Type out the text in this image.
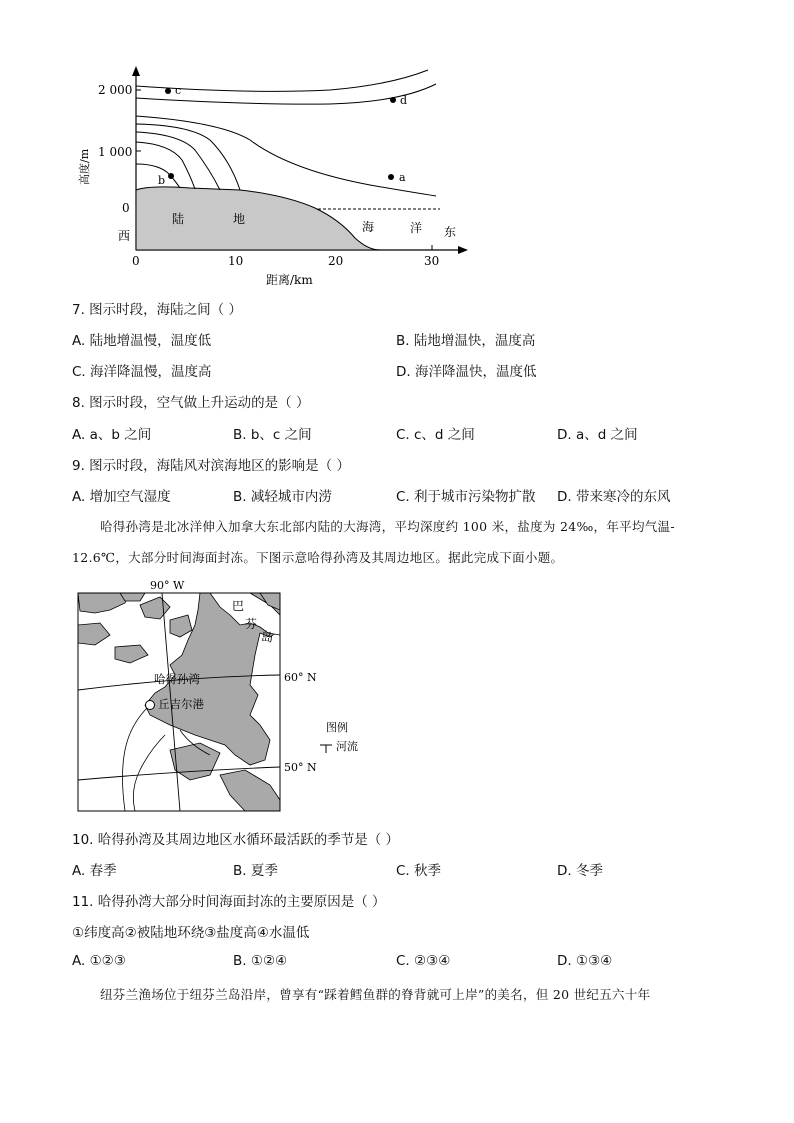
c
d
b	a
2 000
1 000
0
高度/m
西	东
陆	地
海	洋
0	10	20	30
距离/km
7. 图示时段，海陆之间（ ）
A. 陆地增温慢，温度低	B. 陆地增温快，温度高
C. 海洋降温慢，温度高	D. 海洋降温快，温度低
8. 图示时段，空气做上升运动的是（ ）
A. a、b 之间	B. b、c 之间	C. c、d 之间	D. a、d 之间
9. 图示时段，海陆风对滨海地区的影响是（ ）
A. 增加空气湿度	B. 减轻城市内涝	C. 利于城市污染物扩散 D. 带来寒冷的东风
哈得孙湾是北冰洋伸入加拿大东北部内陆的大海湾，平均深度约 100 米，盐度为 24‰，年平均气温-
12.6℃，大部分时间海面封冻。下图示意哈得孙湾及其周边地区。据此完成下面小题。
90° W
60° N
50° N
巴
芬
岛
哈得孙湾
丘吉尔港
图例
河流
10. 哈得孙湾及其周边地区水循环最活跃的季节是（ ）
A. 春季	B. 夏季	C. 秋季	D. 冬季
11. 哈得孙湾大部分时间海面封冻的主要原因是（ ）
①纬度高②被陆地环绕③盐度高④水温低
A. ①②③	B. ①②④	C. ②③④	D. ①③④
纽芬兰渔场位于纽芬兰岛沿岸，曾享有“踩着鳕鱼群的脊背就可上岸”的美名，但 20 世纪五六十年
